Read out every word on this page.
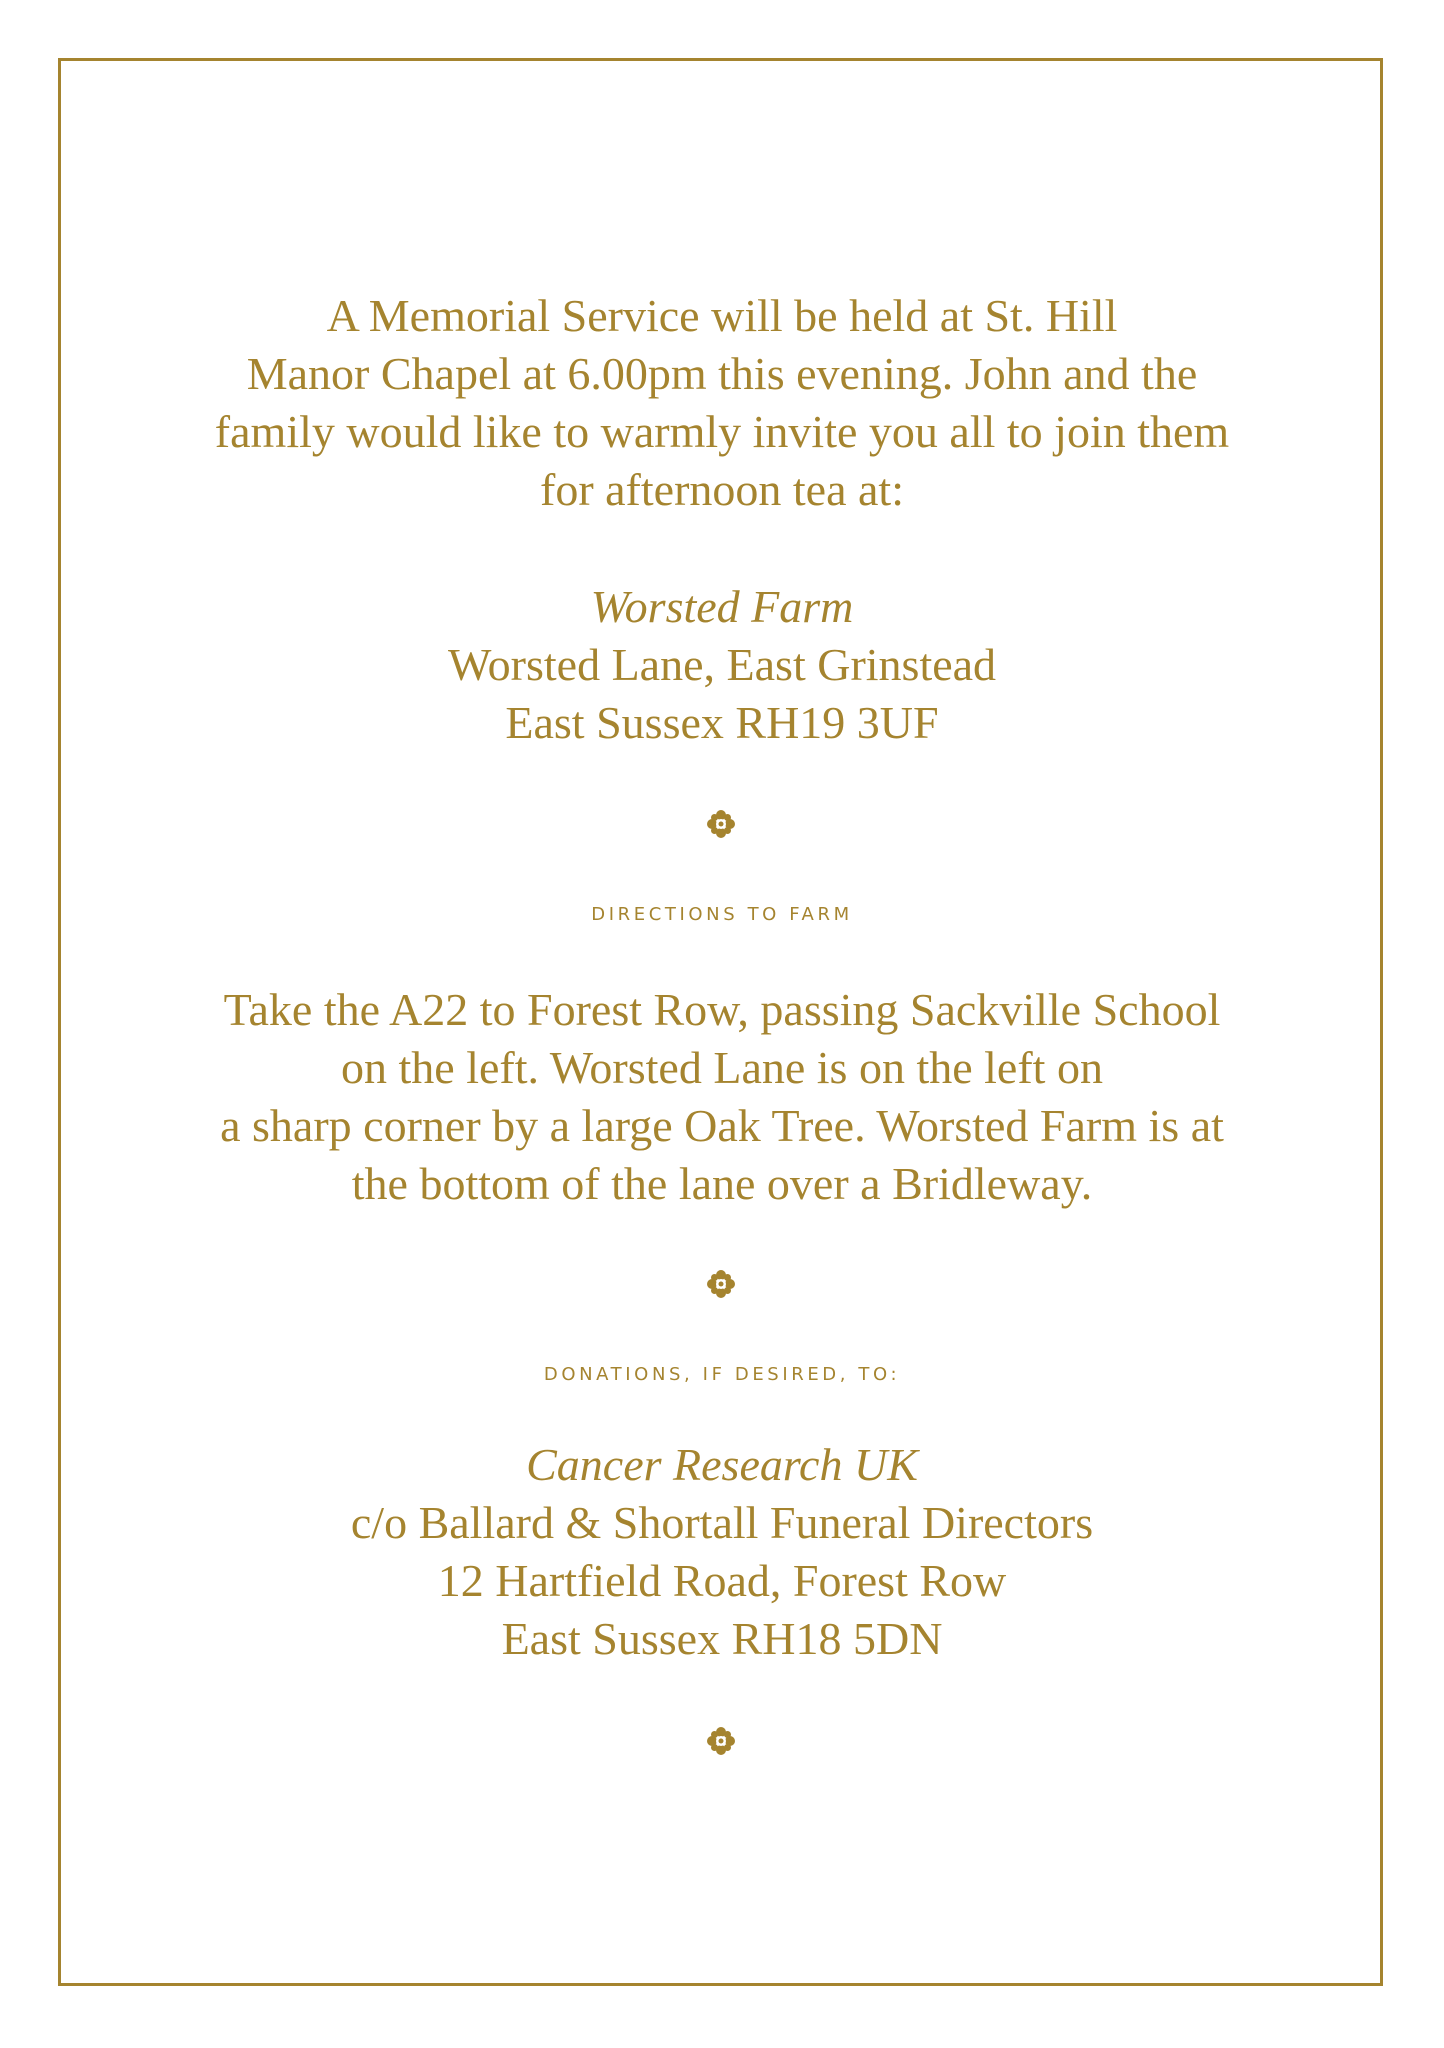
A Memorial Service will be held at St. Hill
Manor Chapel at 6.00pm this evening. John and the
family would like to warmly invite you all to join them
for afternoon tea at:
Worsted Farm
Worsted Lane, East Grinstead
East Sussex RH19 3UF
DIRECTIONS TO FARM
Take the A22 to Forest Row, passing Sackville School
on the left. Worsted Lane is on the left on
a sharp corner by a large Oak Tree. Worsted Farm is at
the bottom of the lane over a Bridleway.
DONATIONS, IF DESIRED, TO:
Cancer Research UK
c/o Ballard & Shortall Funeral Directors
12 Hartfield Road, Forest Row
East Sussex RH18 5DN
